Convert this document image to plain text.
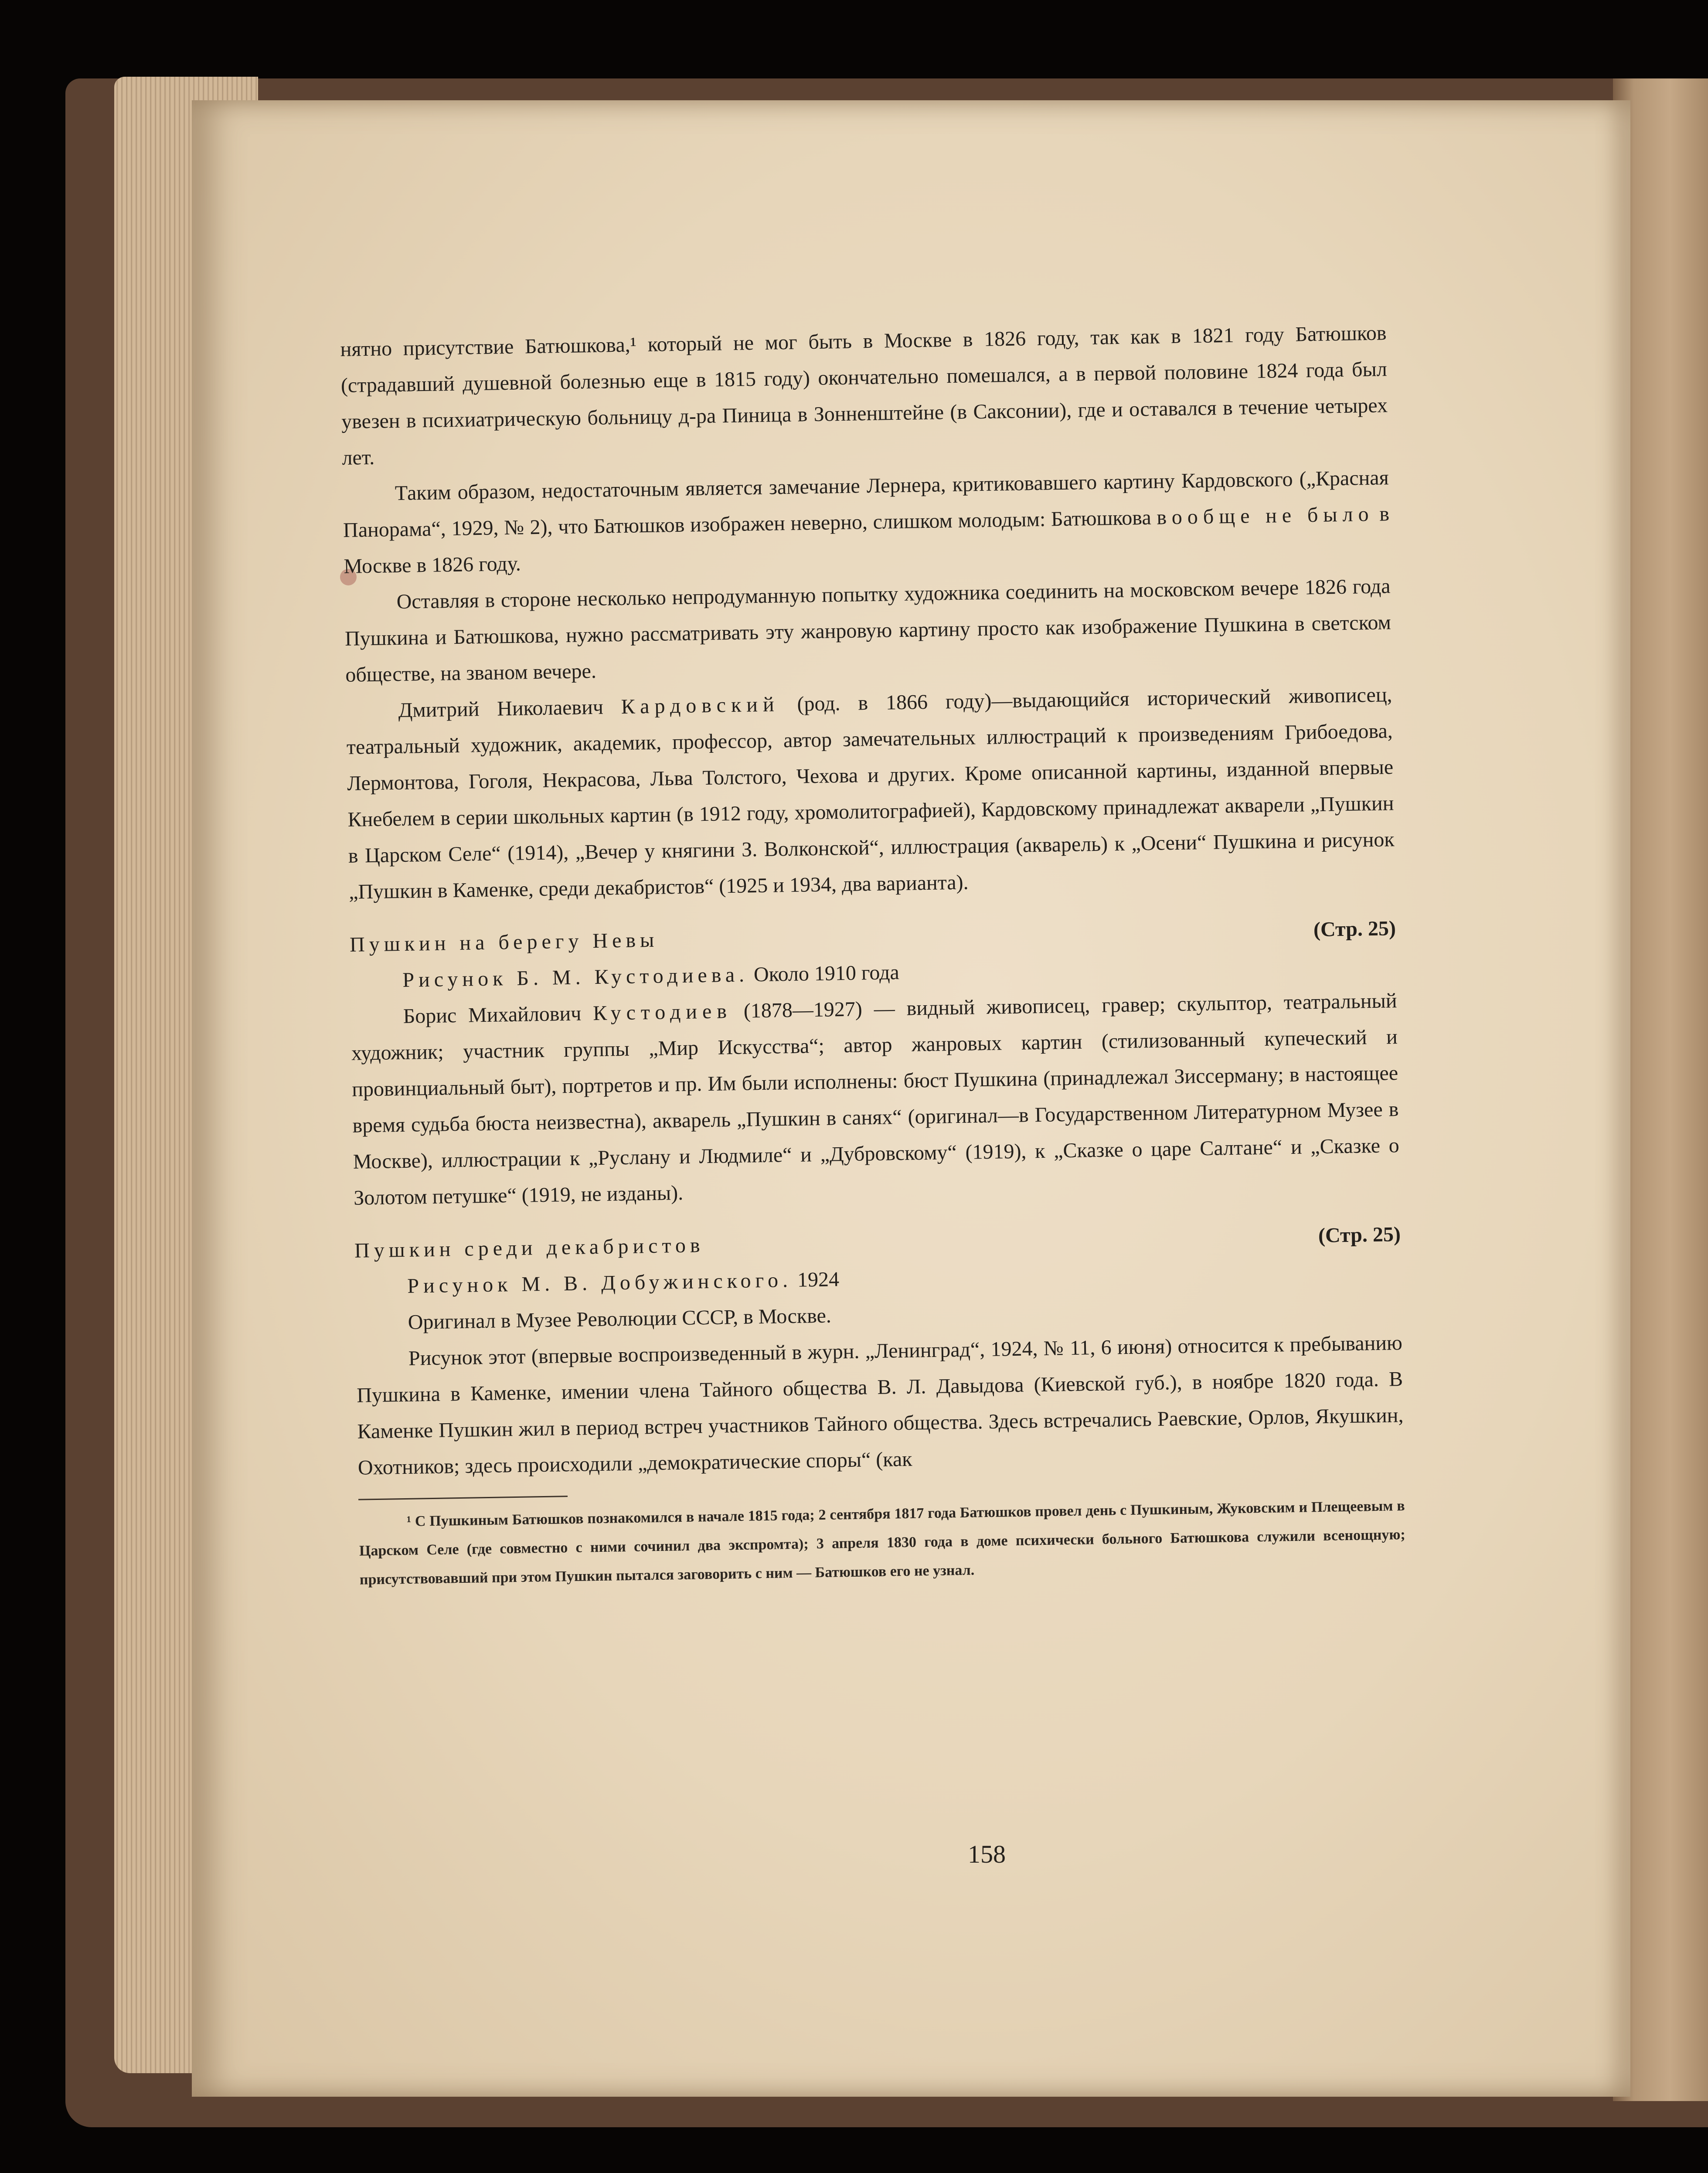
нятно присутствие Батюшкова,¹ который не мог быть в Москве в 1826 году, так как в 1821 году Батюшков (страдавший душевной болезнью еще в 1815 году) окончательно помешался, а в первой половине 1824 года был увезен в психиатрическую больницу д-ра Пиница в Зонненштейне (в Саксонии), где и оставался в течение четырех лет.

Таким образом, недостаточным является замечание Лернера, критиковавшего картину Кардовского („Красная Панорама“, 1929, № 2), что Батюшков изображен неверно, слишком молодым: Батюшкова вообще не было в Москве в 1826 году.

Оставляя в стороне несколько непродуманную попытку художника соединить на московском вечере 1826 года Пушкина и Батюшкова, нужно рассматривать эту жанровую картину просто как изображение Пушкина в светском обществе, на званом вечере.

Дмитрий Николаевич Кардовский (род. в 1866 году)—выдающийся исторический живописец, театральный художник, академик, профессор, автор замечательных иллюстраций к произведениям Грибоедова, Лермонтова, Гоголя, Некрасова, Льва Толстого, Чехова и других. Кроме описанной картины, изданной впервые Кнебелем в серии школьных картин (в 1912 году, хромолитографией), Кардовскому принадлежат акварели „Пушкин в Царском Селе“ (1914), „Вечер у княгини З. Волконской“, иллюстрация (акварель) к „Осени“ Пушкина и рисунок „Пушкин в Каменке, среди декабристов“ (1925 и 1934, два варианта).

Пушкин на берегу Невы	(Стр. 25)

Рисунок Б. М. Кустодиева. Около 1910 года

Борис Михайлович Кустодиев (1878—1927) — видный живописец, гравер; скульптор, театральный художник; участник группы „Мир Искусства“; автор жанровых картин (стилизованный купеческий и провинциальный быт), портретов и пр. Им были исполнены: бюст Пушкина (принадлежал Зиссерману; в настоящее время судьба бюста неизвестна), акварель „Пушкин в санях“ (оригинал—в Государственном Литературном Музее в Москве), иллюстрации к „Руслану и Людмиле“ и „Дубровскому“ (1919), к „Сказке о царе Салтане“ и „Сказке о Золотом петушке“ (1919, не изданы).

Пушкин среди декабристов	(Стр. 25)

Рисунок М. В. Добужинского. 1924

Оригинал в Музее Революции СССР, в Москве.

Рисунок этот (впервые воспроизведенный в журн. „Ленинград“, 1924, № 11, 6 июня) относится к пребыванию Пушкина в Каменке, имении члена Тайного общества В. Л. Давыдова (Киевской губ.), в ноябре 1820 года. В Каменке Пушкин жил в период встреч участников Тайного общества. Здесь встречались Раевские, Орлов, Якушкин, Охотников; здесь происходили „демократические споры“ (как

¹ С Пушкиным Батюшков познакомился в начале 1815 года; 2 сентября 1817 года Батюшков провел день с Пушкиным, Жуковским и Плещеевым в Царском Селе (где совместно с ними сочинил два экспромта); 3 апреля 1830 года в доме психически больного Батюшкова служили всенощную; присутствовавший при этом Пушкин пытался заговорить с ним — Батюшков его не узнал.

158
